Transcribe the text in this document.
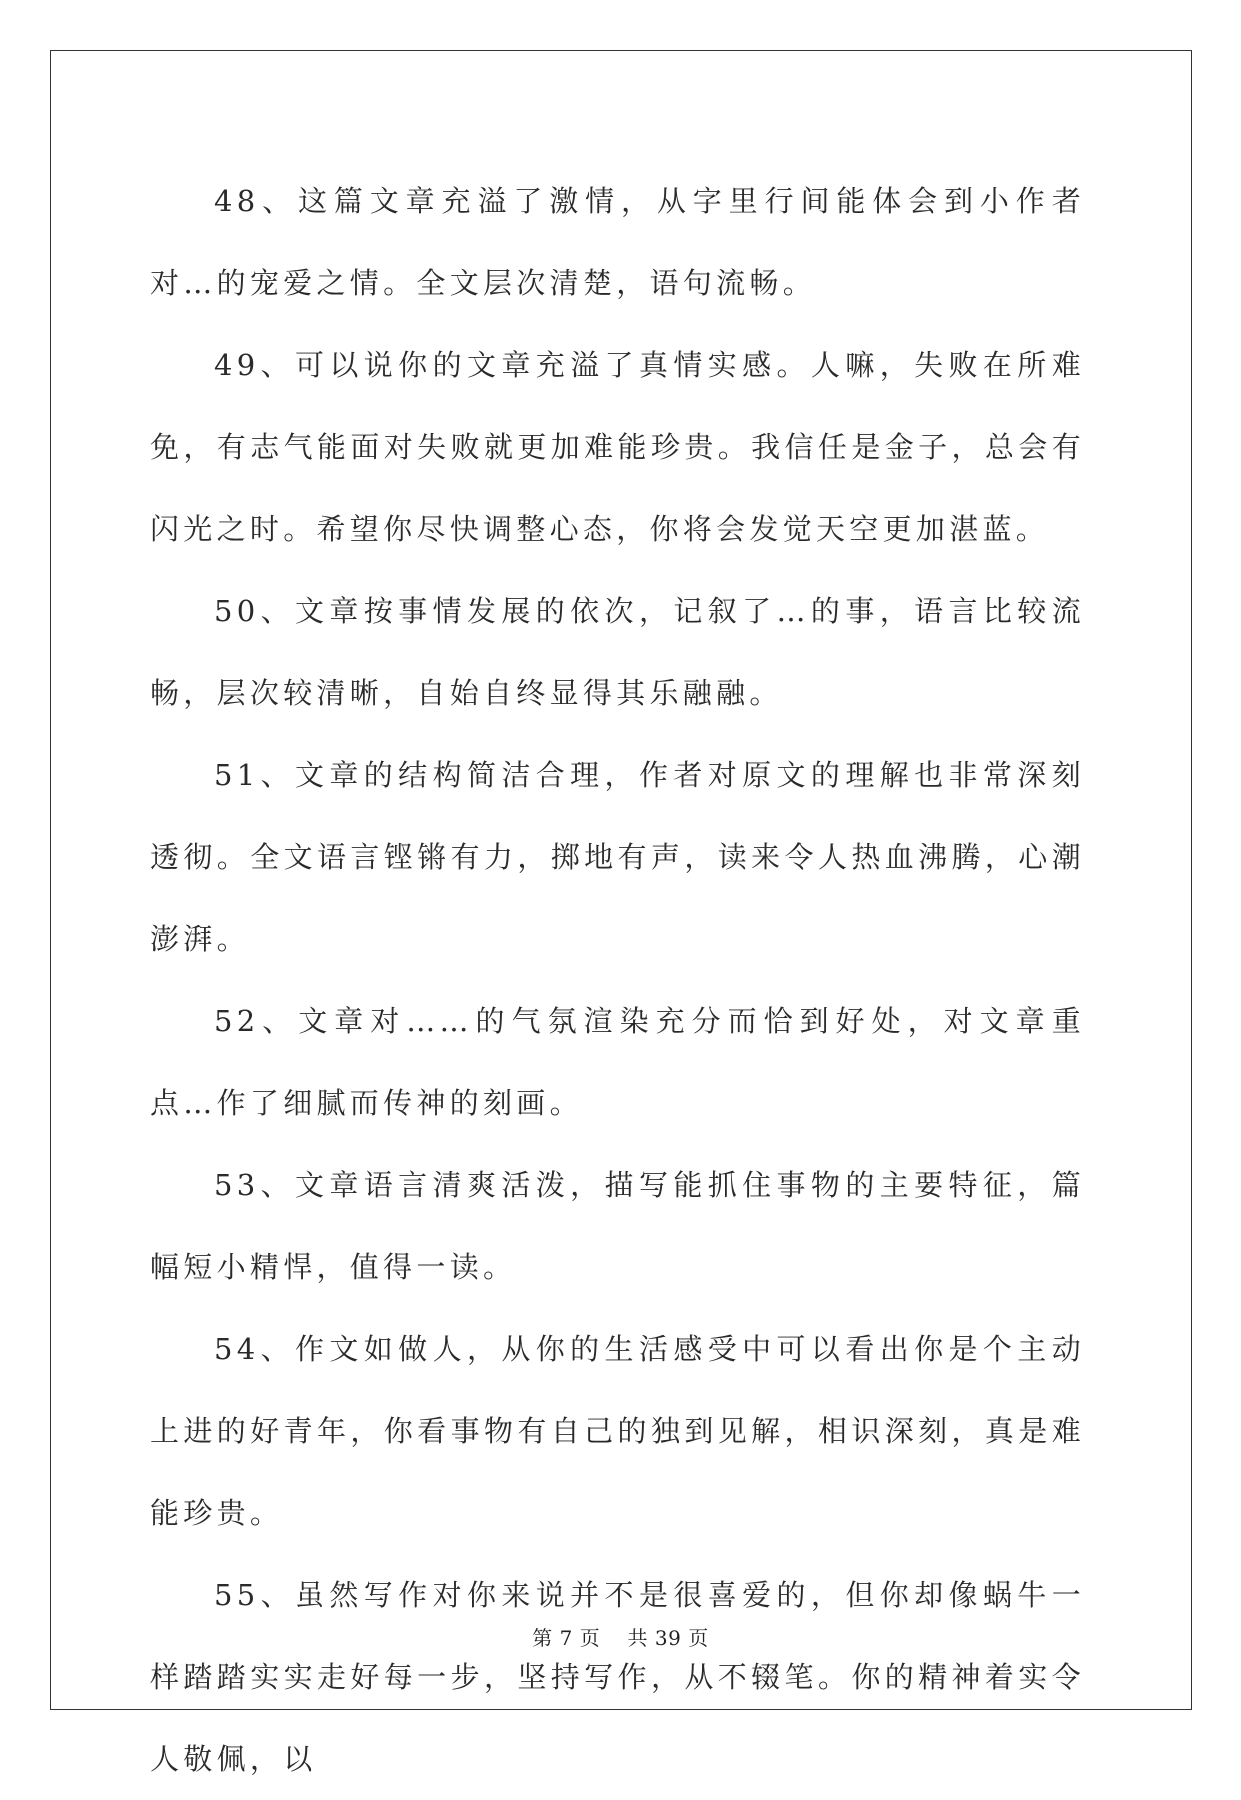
48、这篇文章充溢了激情，从字里行间能体会到小作者对…的宠爱之情。全文层次清楚，语句流畅。

49、可以说你的文章充溢了真情实感。人嘛，失败在所难免，有志气能面对失败就更加难能珍贵。我信任是金子，总会有闪光之时。希望你尽快调整心态，你将会发觉天空更加湛蓝。

50、文章按事情发展的依次，记叙了…的事，语言比较流畅，层次较清晰，自始自终显得其乐融融。

51、文章的结构简洁合理，作者对原文的理解也非常深刻透彻。全文语言铿锵有力，掷地有声，读来令人热血沸腾，心潮澎湃。

52、文章对……的气氛渲染充分而恰到好处，对文章重点…作了细腻而传神的刻画。

53、文章语言清爽活泼，描写能抓住事物的主要特征，篇幅短小精悍，值得一读。

54、作文如做人，从你的生活感受中可以看出你是个主动上进的好青年，你看事物有自己的独到见解，相识深刻，真是难能珍贵。

55、虽然写作对你来说并不是很喜爱的，但你却像蜗牛一样踏踏实实走好每一步，坚持写作，从不辍笔。你的精神着实令人敬佩，以

第 7 页　 共 39 页
